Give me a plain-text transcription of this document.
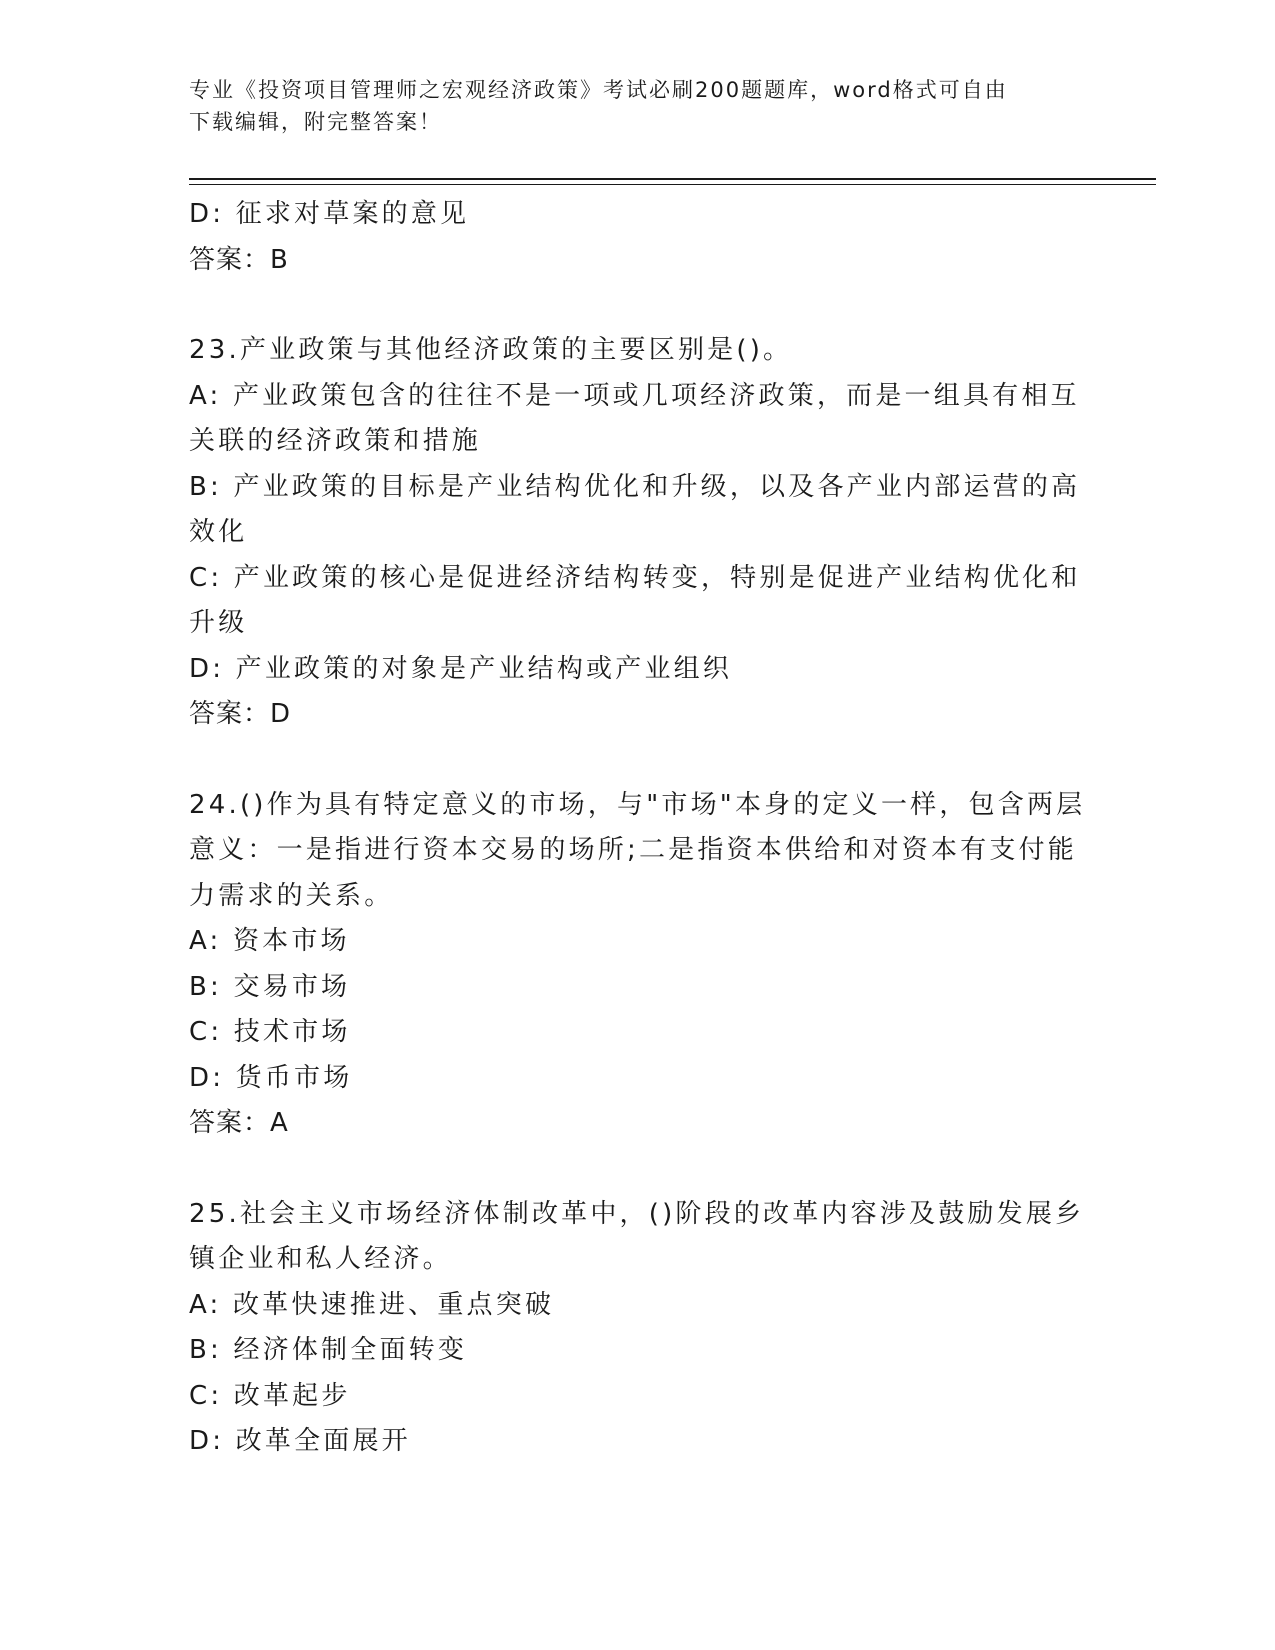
专业《投资项目管理师之宏观经济政策》考试必刷200题题库，word格式可自由
下载编辑，附完整答案！
D: 征求对草案的意见
答案：B
23.产业政策与其他经济政策的主要区别是()。
A: 产业政策包含的往往不是一项或几项经济政策，而是一组具有相互
关联的经济政策和措施
B: 产业政策的目标是产业结构优化和升级，以及各产业内部运营的高
效化
C: 产业政策的核心是促进经济结构转变，特别是促进产业结构优化和
升级
D: 产业政策的对象是产业结构或产业组织
答案：D
24.()作为具有特定意义的市场，与"市场"本身的定义一样，包含两层
意义：一是指进行资本交易的场所;二是指资本供给和对资本有支付能
力需求的关系。
A: 资本市场
B: 交易市场
C: 技术市场
D: 货币市场
答案：A
25.社会主义市场经济体制改革中，()阶段的改革内容涉及鼓励发展乡
镇企业和私人经济。
A: 改革快速推进、重点突破
B: 经济体制全面转变
C: 改革起步
D: 改革全面展开
